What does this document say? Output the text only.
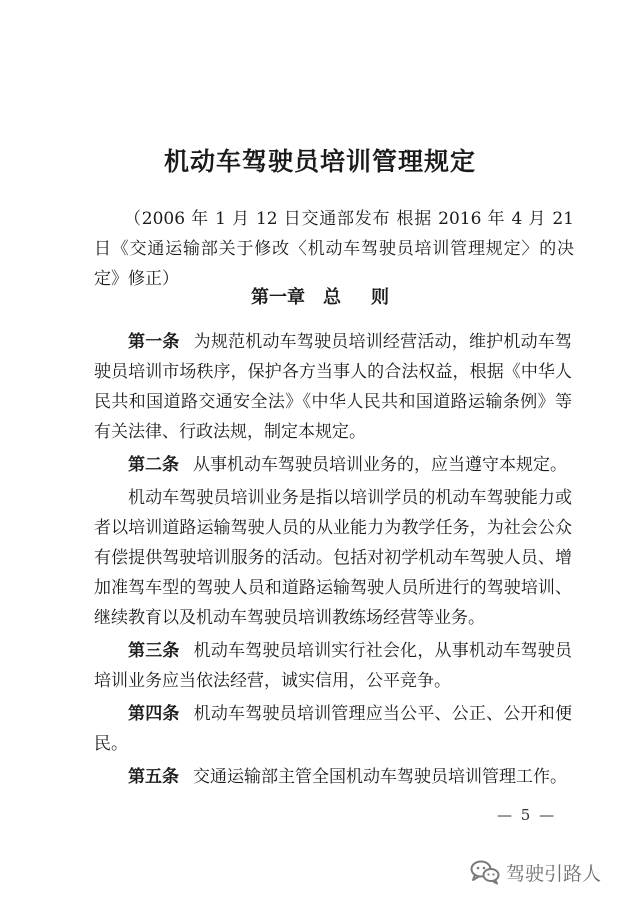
机动车驾驶员培训管理规定
（2006 年 1 月 12 日交通部发布 根据 2016 年 4 月 21 日《交通运输部关于修改〈机动车驾驶员培训管理规定〉的决定》修正）
第一章 总 则

第一条 为规范机动车驾驶员培训经营活动，维护机动车驾驶员培训市场秩序，保护各方当事人的合法权益，根据《中华人民共和国道路交通安全法》《中华人民共和国道路运输条例》等有关法律、行政法规，制定本规定。

第二条 从事机动车驾驶员培训业务的，应当遵守本规定。

机动车驾驶员培训业务是指以培训学员的机动车驾驶能力或者以培训道路运输驾驶人员的从业能力为教学任务，为社会公众有偿提供驾驶培训服务的活动。包括对初学机动车驾驶人员、增加准驾车型的驾驶人员和道路运输驾驶人员所进行的驾驶培训、继续教育以及机动车驾驶员培训教练场经营等业务。

第三条 机动车驾驶员培训实行社会化，从事机动车驾驶员培训业务应当依法经营，诚实信用，公平竞争。

第四条 机动车驾驶员培训管理应当公平、公正、公开和便民。

第五条 交通运输部主管全国机动车驾驶员培训管理工作。

— 5 —
驾驶引路人
